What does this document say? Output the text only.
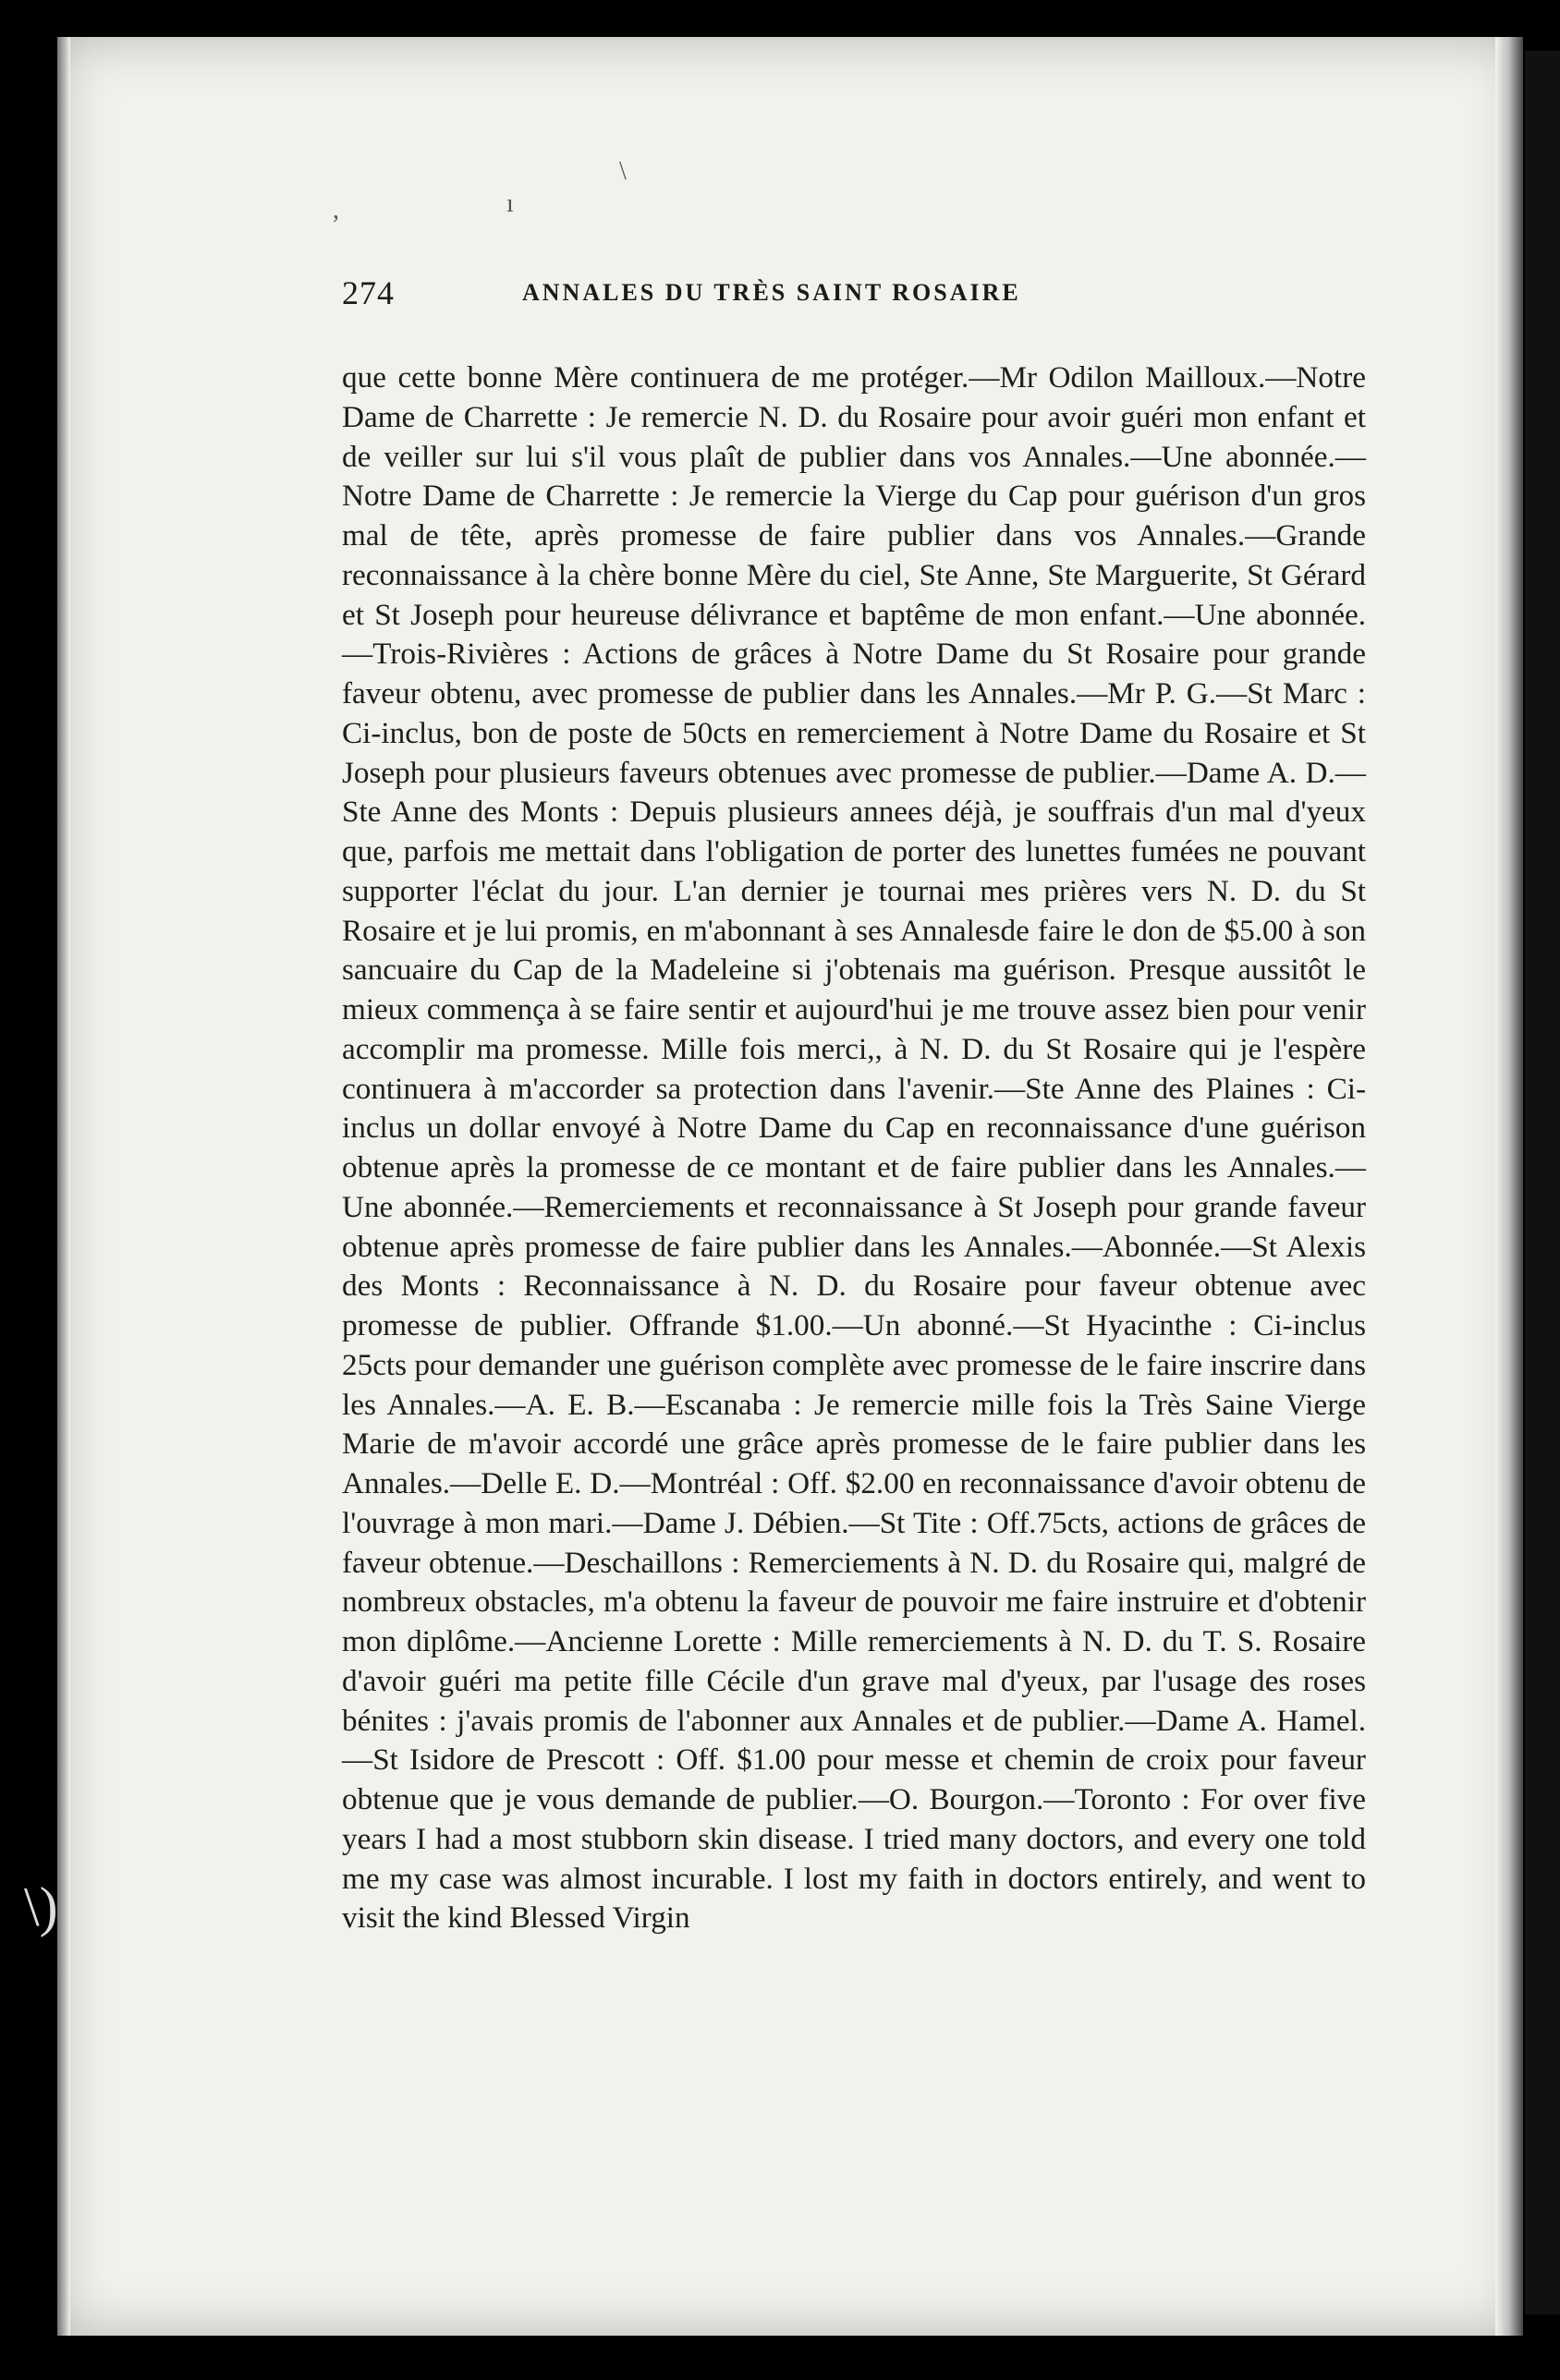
,
\
ı
\)
274	ANNALES DU TRÈS SAINT ROSAIRE

que cette bonne Mère continuera de me protéger.—Mr Odilon Mailloux.—Notre Dame de Charrette : Je remercie N. D. du Rosaire pour avoir guéri mon enfant et de veiller sur lui s'il vous plaît de publier dans vos Annales.—Une abonnée.—Notre Dame de Charrette : Je remercie la Vierge du Cap pour guérison d'un gros mal de tête, après promesse de faire publier dans vos Annales.—Grande reconnaissance à la chère bonne Mère du ciel, Ste Anne, Ste Marguerite, St Gérard et St Joseph pour heureuse délivrance et baptême de mon enfant.—Une abonnée.—Trois-Rivières : Actions de grâces à Notre Dame du St Rosaire pour grande faveur obtenu, avec promesse de publier dans les Annales.—Mr P. G.—St Marc : Ci-inclus, bon de poste de 50cts en remerciement à Notre Dame du Rosaire et St Joseph pour plusieurs faveurs obtenues avec promesse de publier.—Dame A. D.—Ste Anne des Monts : Depuis plusieurs annees déjà, je souffrais d'un mal d'yeux que, parfois me mettait dans l'obligation de porter des lunettes fumées ne pouvant supporter l'éclat du jour. L'an dernier je tournai mes prières vers N. D. du St Rosaire et je lui promis, en m'abonnant à ses Annalesde faire le don de $5.00 à son sancuaire du Cap de la Madeleine si j'obtenais ma guérison. Presque aussitôt le mieux commença à se faire sentir et aujourd'hui je me trouve assez bien pour venir accomplir ma promesse. Mille fois merci,, à N. D. du St Rosaire qui je l'espère continuera à m'accorder sa protection dans l'avenir.—Ste Anne des Plaines : Ci-inclus un dollar envoyé à Notre Dame du Cap en reconnaissance d'une guérison obtenue après la promesse de ce montant et de faire publier dans les Annales.—Une abonnée.—Remerciements et reconnaissance à St Joseph pour grande faveur obtenue après promesse de faire publier dans les Annales.—Abonnée.—St Alexis des Monts : Reconnaissance à N. D. du Rosaire pour faveur obtenue avec promesse de publier. Offrande $1.00.—Un abonné.—St Hyacinthe : Ci-inclus 25cts pour demander une guérison complète avec promesse de le faire inscrire dans les Annales.—A. E. B.—Escanaba : Je remercie mille fois la Très Saine Vierge Marie de m'avoir accordé une grâce après promesse de le faire publier dans les Annales.—Delle E. D.—Montréal : Off. $2.00 en reconnaissance d'avoir obtenu de l'ouvrage à mon mari.—Dame J. Débien.—St Tite : Off.75cts, actions de grâces de faveur obtenue.—Deschaillons : Remerciements à N. D. du Rosaire qui, malgré de nombreux obstacles, m'a obtenu la faveur de pouvoir me faire instruire et d'obtenir mon diplôme.—Ancienne Lorette : Mille remerciements à N. D. du T. S. Rosaire d'avoir guéri ma petite fille Cécile d'un grave mal d'yeux, par l'usage des roses bénites : j'avais promis de l'abonner aux Annales et de publier.—Dame A. Hamel.—St Isidore de Prescott : Off. $1.00 pour messe et chemin de croix pour faveur obtenue que je vous demande de publier.—O. Bourgon.—Toronto : For over five years I had a most stubborn skin disease. I tried many doctors, and every one told me my case was almost incurable. I lost my faith in doctors entirely, and went to visit the kind Blessed Virgin
